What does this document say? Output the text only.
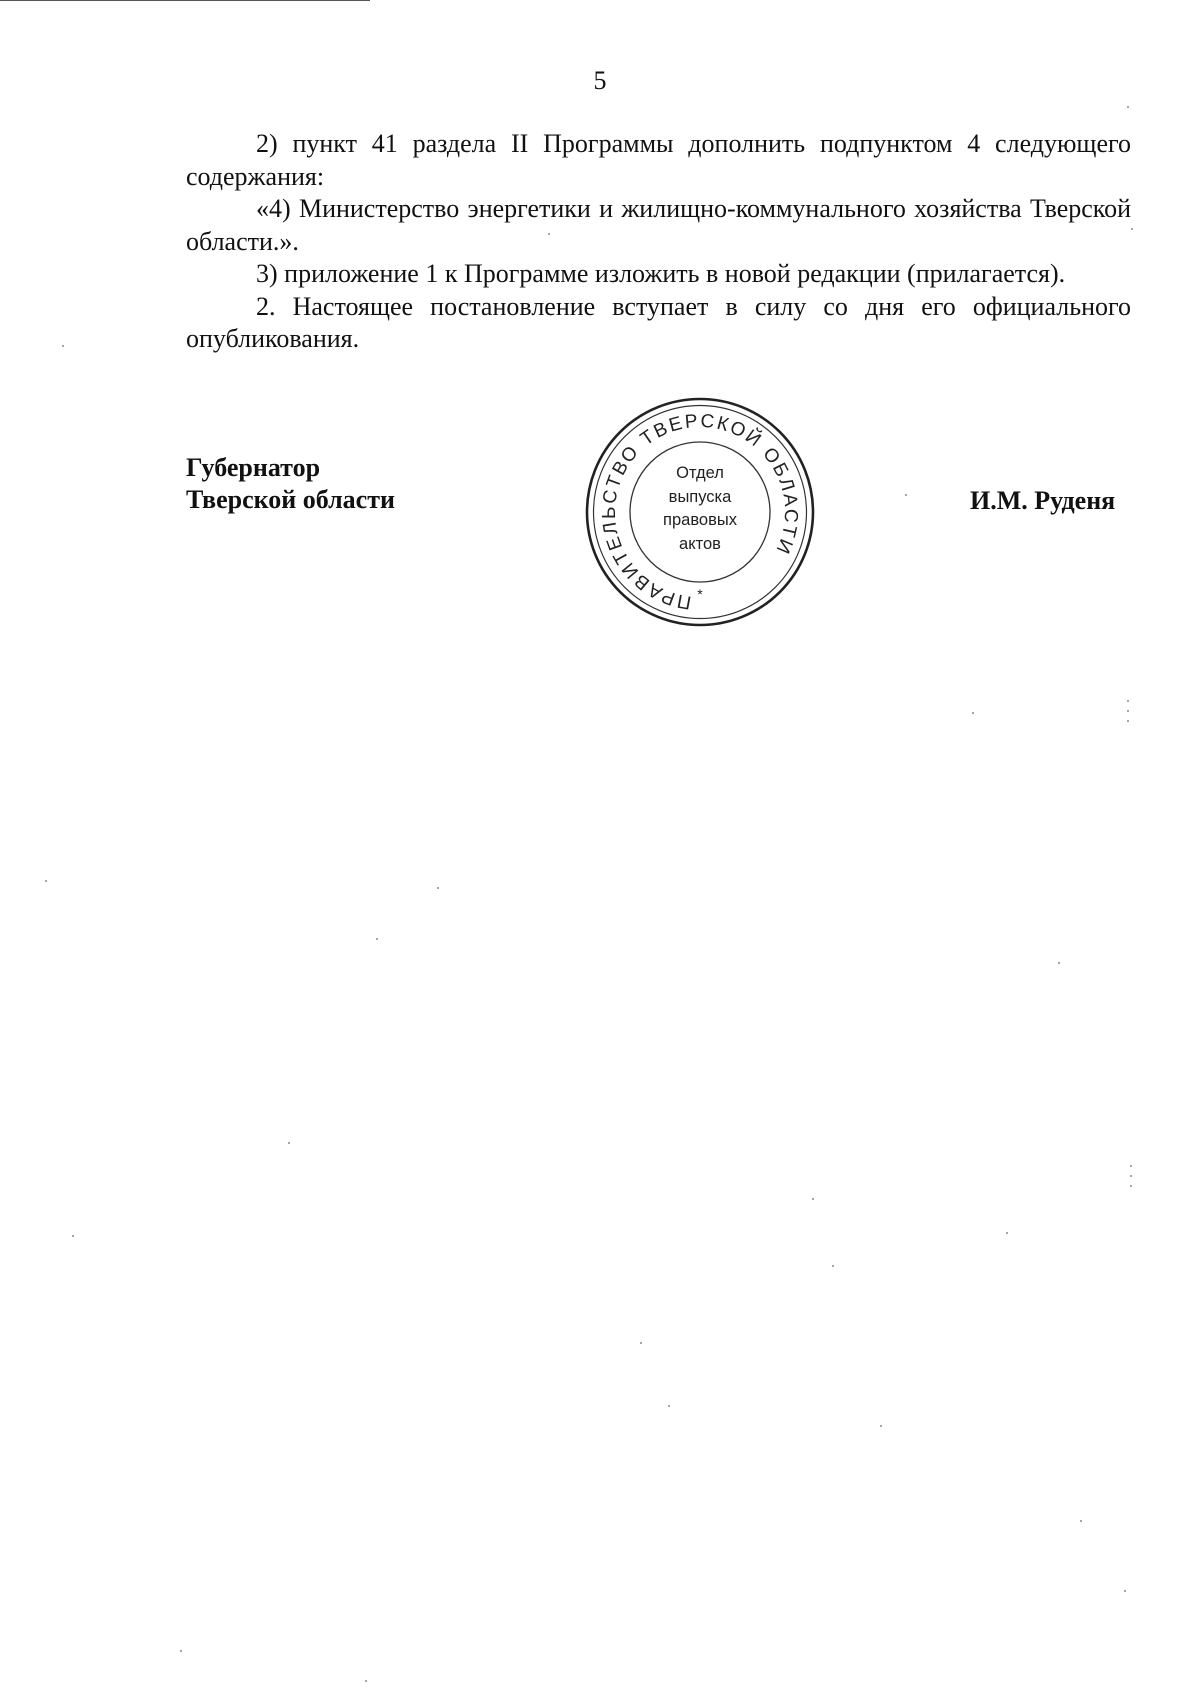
5

2) пункт 41 раздела II Программы дополнить подпунктом 4 следующего содержания:

«4) Министерство энергетики и жилищно-коммунального хозяйства Тверской области.».

3) приложение 1 к Программе изложить в новой редакции (прилагается).

2. Настоящее постановление вступает в силу со дня его официального опубликования.

Губернатор
Тверской области	И.М. Руденя
ПРАВИТЕЛЬСТВО ТВЕРСКОЙ ОБЛАСТИ
*
Отдел
выпуска
правовых
актов
